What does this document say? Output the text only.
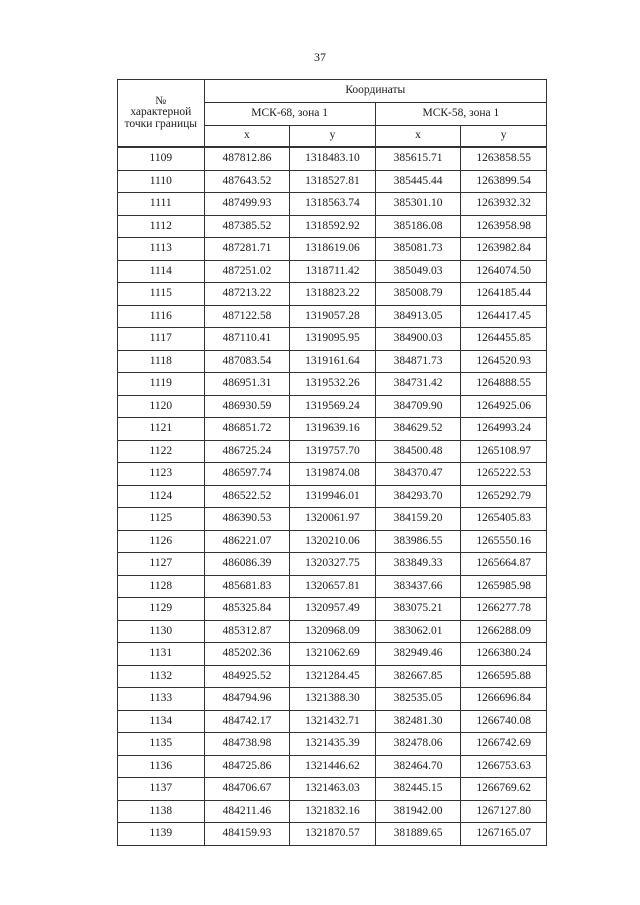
37
№
характерной
точки границы	Координаты			
	МСК-68, зона 1		МСК-58, зона 1	
	x	y	x	y
1109	487812.86	1318483.10	385615.71	1263858.55
1110	487643.52	1318527.81	385445.44	1263899.54
1111	487499.93	1318563.74	385301.10	1263932.32
1112	487385.52	1318592.92	385186.08	1263958.98
1113	487281.71	1318619.06	385081.73	1263982.84
1114	487251.02	1318711.42	385049.03	1264074.50
1115	487213.22	1318823.22	385008.79	1264185.44
1116	487122.58	1319057.28	384913.05	1264417.45
1117	487110.41	1319095.95	384900.03	1264455.85
1118	487083.54	1319161.64	384871.73	1264520.93
1119	486951.31	1319532.26	384731.42	1264888.55
1120	486930.59	1319569.24	384709.90	1264925.06
1121	486851.72	1319639.16	384629.52	1264993.24
1122	486725.24	1319757.70	384500.48	1265108.97
1123	486597.74	1319874.08	384370.47	1265222.53
1124	486522.52	1319946.01	384293.70	1265292.79
1125	486390.53	1320061.97	384159.20	1265405.83
1126	486221.07	1320210.06	383986.55	1265550.16
1127	486086.39	1320327.75	383849.33	1265664.87
1128	485681.83	1320657.81	383437.66	1265985.98
1129	485325.84	1320957.49	383075.21	1266277.78
1130	485312.87	1320968.09	383062.01	1266288.09
1131	485202.36	1321062.69	382949.46	1266380.24
1132	484925.52	1321284.45	382667.85	1266595.88
1133	484794.96	1321388.30	382535.05	1266696.84
1134	484742.17	1321432.71	382481.30	1266740.08
1135	484738.98	1321435.39	382478.06	1266742.69
1136	484725.86	1321446.62	382464.70	1266753.63
1137	484706.67	1321463.03	382445.15	1266769.62
1138	484211.46	1321832.16	381942.00	1267127.80
1139	484159.93	1321870.57	381889.65	1267165.07
